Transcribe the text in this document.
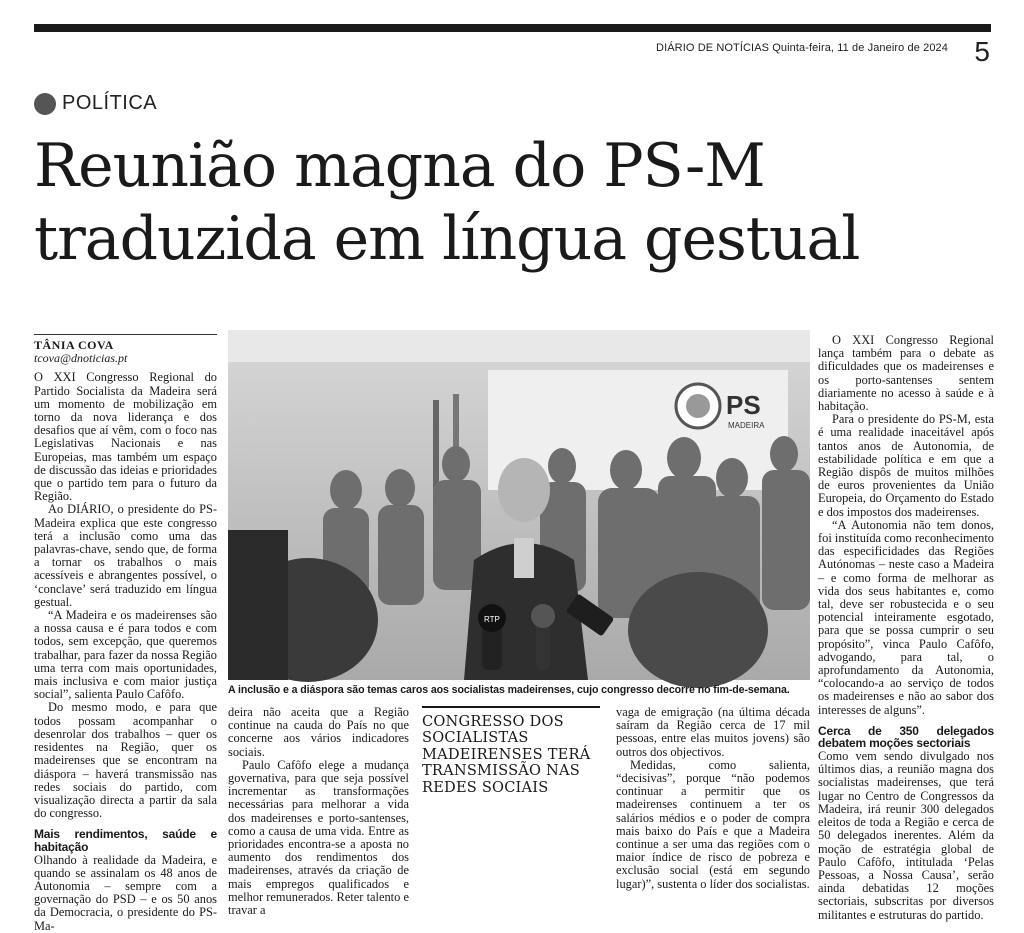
DIÁRIO DE NOTÍCIAS Quinta-feira, 11 de Janeiro de 2024 5
POLÍTICA
Reunião magna do PS-M
traduzida em língua gestual
TÂNIA COVA
tcova@dnoticias.pt

O XXI Congresso Regional do Partido Socialista da Madeira será um momento de mobilização em torno da nova liderança e dos desafios que aí vêm, com o foco nas Legislativas Nacionais e nas Europeias, mas também um espaço de discussão das ideias e prioridades que o partido tem para o futuro da Região.

Ao DIÁRIO, o presidente do PS-Madeira explica que este congresso terá a inclusão como uma das palavras-chave, sendo que, de forma a tornar os trabalhos o mais acessíveis e abrangentes possível, o ‘conclave’ será traduzido em língua gestual.

“A Madeira e os madeirenses são a nossa causa e é para todos e com todos, sem excepção, que queremos trabalhar, para fazer da nossa Região uma terra com mais oportunidades, mais inclusiva e com maior justiça social”, salienta Paulo Cafôfo.

Do mesmo modo, e para que todos possam acompanhar o desenrolar dos trabalhos – quer os residentes na Região, quer os madeirenses que se encontram na diáspora – haverá transmissão nas redes sociais do partido, com visualização directa a partir da sala do congresso.

Mais rendimentos, saúde e habitação

Olhando à realidade da Madeira, e quando se assinalam os 48 anos de Autonomia – sempre com a governação do PSD – e os 50 anos da Democracia, o presidente do PS-Ma-

PS
MADEIRA
RTP
A inclusão e a diáspora são temas caros aos socialistas madeirenses, cujo congresso decorre no fim-de-semana.

deira não aceita que a Região continue na cauda do País no que concerne aos vários indicadores sociais.

Paulo Cafôfo elege a mudança governativa, para que seja possível incrementar as transformações necessárias para melhorar a vida dos madeirenses e porto-santenses, como a causa de uma vida. Entre as prioridades encontra-se a aposta no aumento dos rendimentos dos madeirenses, através da criação de mais empregos qualificados e melhor remunerados. Reter talento e travar a

CONGRESSO DOS SOCIALISTAS MADEIRENSES TERÁ TRANSMISSÃO NAS REDES SOCIAIS

vaga de emigração (na última década saíram da Região cerca de 17 mil pessoas, entre elas muitos jovens) são outros dos objectivos.

Medidas, como salienta, “decisivas”, porque “não podemos continuar a permitir que os madeirenses continuem a ter os salários médios e o poder de compra mais baixo do País e que a Madeira continue a ser uma das regiões com o maior índice de risco de pobreza e exclusão social (está em segundo lugar)”, sustenta o líder dos socialistas.

O XXI Congresso Regional lança também para o debate as dificuldades que os madeirenses e os porto-santenses sentem diariamente no acesso à saúde e à habitação.

Para o presidente do PS-M, esta é uma realidade inaceitável após tantos anos de Autonomia, de estabilidade política e em que a Região dispôs de muitos milhões de euros provenientes da União Europeia, do Orçamento do Estado e dos impostos dos madeirenses.

“A Autonomia não tem donos, foi instituída como reconhecimento das especificidades das Regiões Autónomas – neste caso a Madeira – e como forma de melhorar as vida dos seus habitantes e, como tal, deve ser robustecida e o seu potencial inteiramente esgotado, para que se possa cumprir o seu propósito”, vinca Paulo Cafôfo, advogando, para tal, o aprofundamento da Autonomia, “colocando-a ao serviço de todos os madeirenses e não ao sabor dos interesses de alguns”.

Cerca de 350 delegados debatem moções sectoriais

Como vem sendo divulgado nos últimos dias, a reunião magna dos socialistas madeirenses, que terá lugar no Centro de Congressos da Madeira, irá reunir 300 delegados eleitos de toda a Região e cerca de 50 delegados inerentes. Além da moção de estratégia global de Paulo Cafôfo, intitulada ‘Pelas Pessoas, a Nossa Causa’, serão ainda debatidas 12 moções sectoriais, subscritas por diversos militantes e estruturas do partido.
